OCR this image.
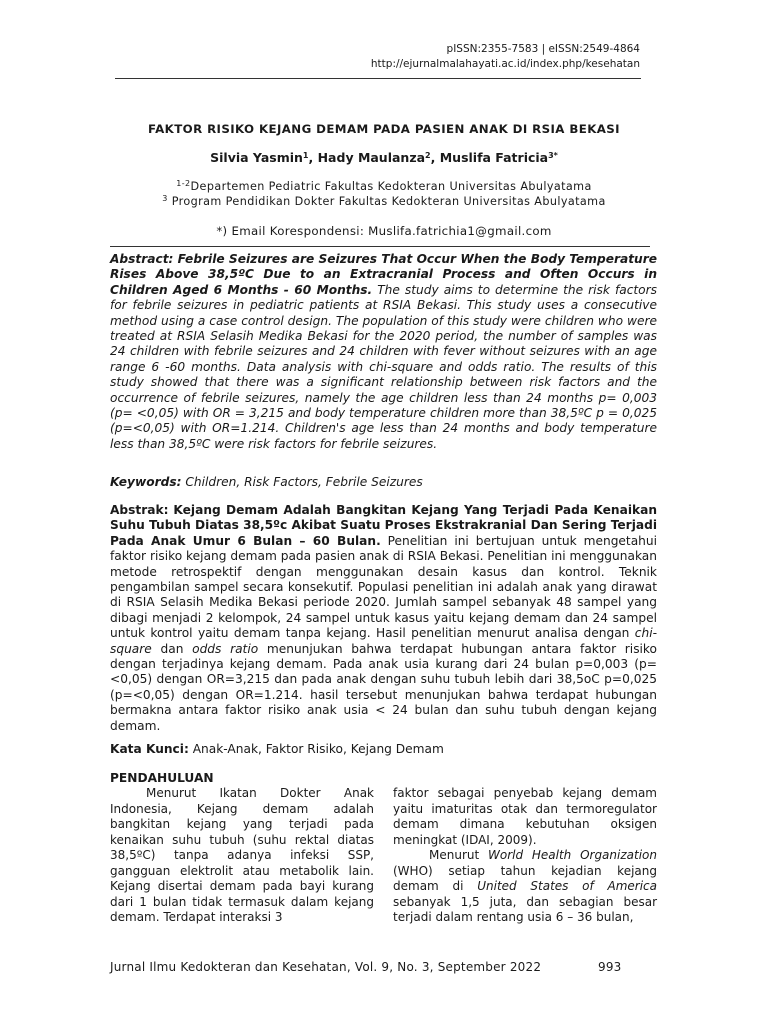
pISSN:2355-7583 | eISSN:2549-4864
http://ejurnalmalahayati.ac.id/index.php/kesehatan
FAKTOR RISIKO KEJANG DEMAM PADA PASIEN ANAK DI RSIA BEKASI
Silvia Yasmin$^1$, Hady Maulanza$^2$, Muslifa Fatricia$^{3*}$
$^{1-2}$Departemen Pediatric Fakultas Kedokteran Universitas Abulyatama
$^3$ Program Pendidikan Dokter Fakultas Kedokteran Universitas Abulyatama
*) Email Korespondensi: Muslifa.fatrichia1@gmail.com

Abstract: Febrile Seizures are Seizures That Occur When the Body Temperature Rises Above 38,5ºC Due to an Extracranial Process and Often Occurs in Children Aged 6 Months - 60 Months. The study aims to determine the risk factors for febrile seizures in pediatric patients at RSIA Bekasi. This study uses a consecutive method using a case control design. The population of this study were children who were treated at RSIA Selasih Medika Bekasi for the 2020 period, the number of samples was 24 children with febrile seizures and 24 children with fever without seizures with an age range 6 -60 months. Data analysis with chi-square and odds ratio. The results of this study showed that there was a significant relationship between risk factors and the occurrence of febrile seizures, namely the age children less than 24 months p= 0,003 (p= <0,05) with OR = 3,215 and body temperature children more than 38,5ºC p = 0,025 (p=<0,05) with OR=1.214. Children's age less than 24 months and body temperature less than 38,5ºC were risk factors for febrile seizures.

Keywords: Children, Risk Factors, Febrile Seizures

Abstrak: Kejang Demam Adalah Bangkitan Kejang Yang Terjadi Pada Kenaikan Suhu Tubuh Diatas 38,5ºc Akibat Suatu Proses Ekstrakranial Dan Sering Terjadi Pada Anak Umur 6 Bulan – 60 Bulan. Penelitian ini bertujuan untuk mengetahui faktor risiko kejang demam pada pasien anak di RSIA Bekasi. Penelitian ini menggunakan metode retrospektif dengan menggunakan desain kasus dan kontrol. Teknik pengambilan sampel secara konsekutif. Populasi penelitian ini adalah anak yang dirawat di RSIA Selasih Medika Bekasi periode 2020. Jumlah sampel sebanyak 48 sampel yang dibagi menjadi 2 kelompok, 24 sampel untuk kasus yaitu kejang demam dan 24 sampel untuk kontrol yaitu demam tanpa kejang. Hasil penelitian menurut analisa dengan chi-square dan odds ratio menunjukan bahwa terdapat hubungan antara faktor risiko dengan terjadinya kejang demam. Pada anak usia kurang dari 24 bulan p=0,003 (p=<0,05) dengan OR=3,215 dan pada anak dengan suhu tubuh lebih dari 38,5oC p=0,025 (p=<0,05) dengan OR=1.214. hasil tersebut menunjukan bahwa terdapat hubungan bermakna antara faktor risiko anak usia < 24 bulan dan suhu tubuh dengan kejang demam.

Kata Kunci: Anak-Anak, Faktor Risiko, Kejang Demam
PENDAHULUAN

Menurut Ikatan Dokter Anak Indonesia, Kejang demam adalah bangkitan kejang yang terjadi pada kenaikan suhu tubuh (suhu rektal diatas 38,5ºC) tanpa adanya infeksi SSP, gangguan elektrolit atau metabolik lain. Kejang disertai demam pada bayi kurang dari 1 bulan tidak termasuk dalam kejang demam. Terdapat interaksi 3

faktor sebagai penyebab kejang demam yaitu imaturitas otak dan termoregulator demam dimana kebutuhan oksigen meningkat (IDAI, 2009).

Menurut World Health Organization (WHO) setiap tahun kejadian kejang demam di United States of America sebanyak 1,5 juta, dan sebagian besar terjadi dalam rentang usia 6 – 36 bulan,

Jurnal Ilmu Kedokteran dan Kesehatan, Vol. 9, No. 3, September 2022	993
